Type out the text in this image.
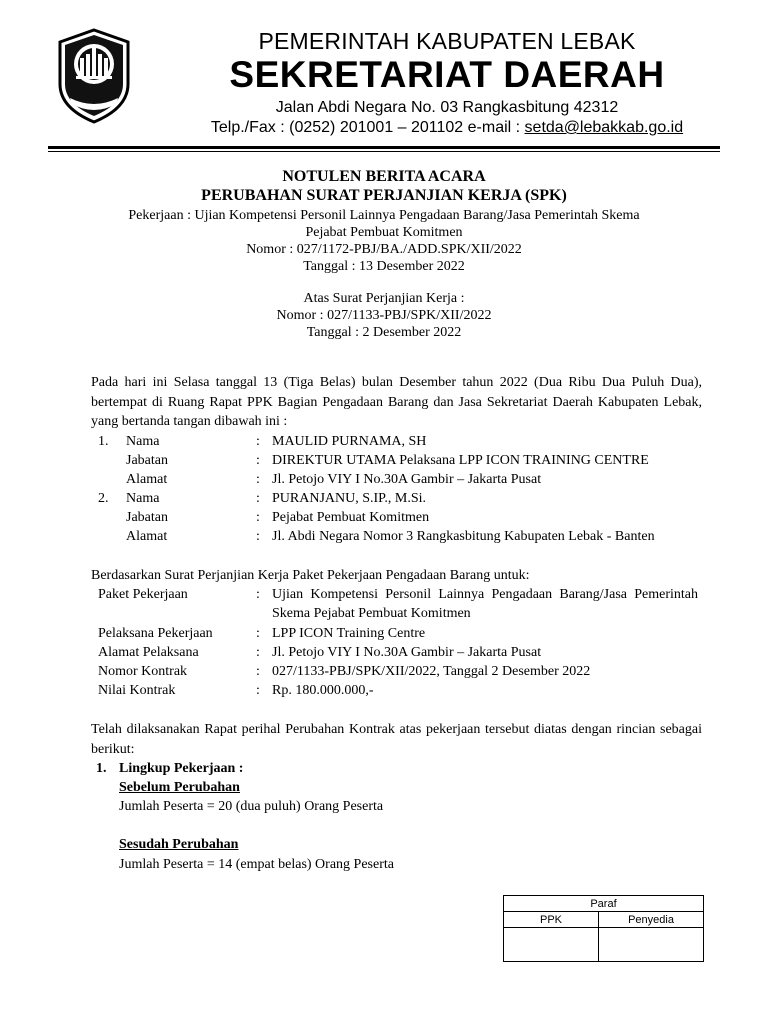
PEMERINTAH KABUPATEN LEBAK
SEKRETARIAT DAERAH
Jalan Abdi Negara No. 03 Rangkasbitung 42312
Telp./Fax : (0252) 201001 – 201102 e-mail : setda@lebakkab.go.id
NOTULEN BERITA ACARA
PERUBAHAN SURAT PERJANJIAN KERJA (SPK)
Pekerjaan : Ujian Kompetensi Personil Lainnya Pengadaan Barang/Jasa Pemerintah Skema
Pejabat Pembuat Komitmen
Nomor : 027/1172-PBJ/BA./ADD.SPK/XII/2022
Tanggal : 13 Desember 2022
Atas Surat Perjanjian Kerja :
Nomor : 027/1133-PBJ/SPK/XII/2022
Tanggal : 2 Desember 2022
Pada hari ini Selasa tanggal 13 (Tiga Belas) bulan Desember tahun 2022 (Dua Ribu Dua Puluh Dua), bertempat di Ruang Rapat PPK Bagian Pengadaan Barang dan Jasa Sekretariat Daerah Kabupaten Lebak, yang bertanda tangan dibawah ini :
1. Nama	: MAULID PURNAMA, SH
Jabatan	: DIREKTUR UTAMA Pelaksana LPP ICON TRAINING CENTRE
Alamat	: Jl. Petojo VIY I No.30A Gambir – Jakarta Pusat
2. Nama	: PURANJANU, S.IP., M.Si.
Jabatan	: Pejabat Pembuat Komitmen
Alamat	: Jl. Abdi Negara Nomor 3 Rangkasbitung Kabupaten Lebak - Banten
Berdasarkan Surat Perjanjian Kerja Paket Pekerjaan Pengadaan Barang untuk:
Paket Pekerjaan	: Ujian Kompetensi Personil Lainnya Pengadaan Barang/Jasa Pemerintah Skema Pejabat Pembuat Komitmen
Pelaksana Pekerjaan	: LPP ICON Training Centre
Alamat Pelaksana	: Jl. Petojo VIY I No.30A Gambir – Jakarta Pusat
Nomor Kontrak	: 027/1133-PBJ/SPK/XII/2022, Tanggal 2 Desember 2022
Nilai Kontrak	: Rp. 180.000.000,-
Telah dilaksanakan Rapat perihal Perubahan Kontrak atas pekerjaan tersebut diatas dengan rincian sebagai berikut:
1. Lingkup Pekerjaan :
Sebelum Perubahan
Jumlah Peserta = 20 (dua puluh) Orang Peserta
Sesudah Perubahan
Jumlah Peserta = 14 (empat belas) Orang Peserta
Paraf	
PPK	Penyedia
